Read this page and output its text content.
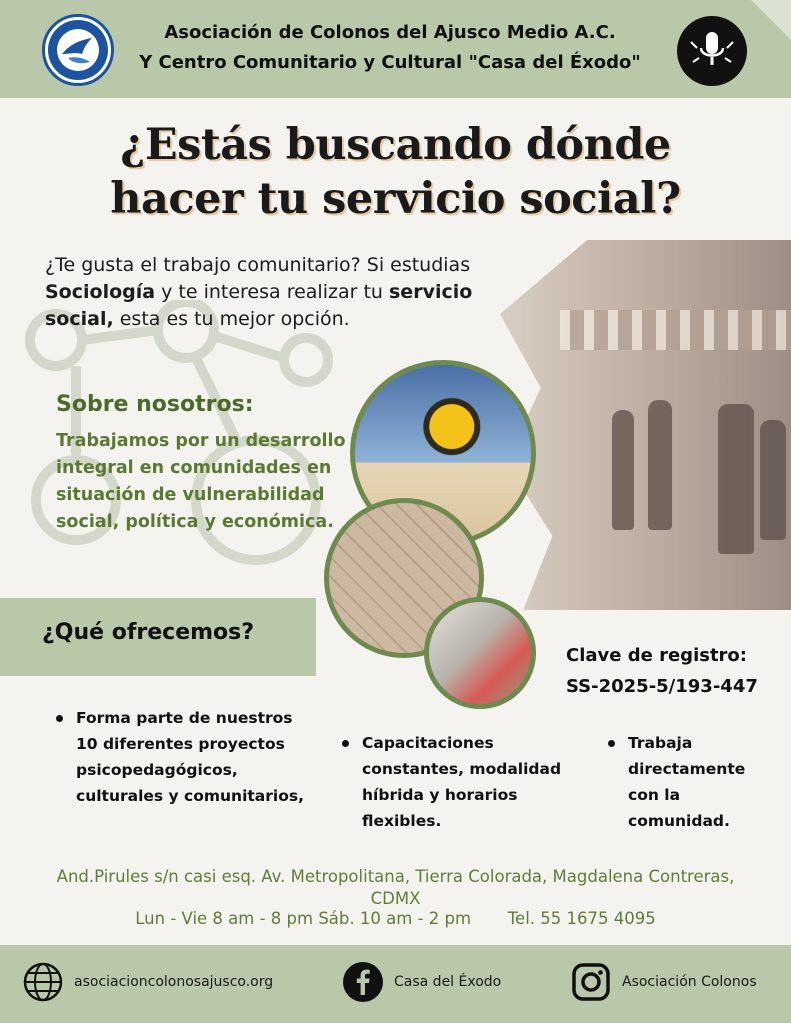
Asociación de Colonos del Ajusco Medio A.C.
Y Centro Comunitario y Cultural "Casa del Éxodo"
¿Estás buscando dónde
hacer tu servicio social?
¿Te gusta el trabajo comunitario? Si estudias Sociología y te interesa realizar tu servicio social, esta es tu mejor opción.
Sobre nosotros:
Trabajamos por un desarrollo integral en comunidades en situación de vulnerabilidad social, política y económica.
¿Qué ofrecemos?
Clave de registro:
SS-2025-5/193-447
Forma parte de nuestros 10 diferentes proyectos psicopedagógicos, culturales y comunitarios,
Capacitaciones constantes, modalidad híbrida y horarios flexibles.
Trabaja directamente con la comunidad.
And.Pirules s/n casi esq. Av. Metropolitana, Tierra Colorada, Magdalena Contreras, CDMX
Lun - Vie 8 am - 8 pm Sáb. 10 am - 2 pm Tel. 55 1675 4095
asociacioncolonosajusco.org	Casa del Éxodo	Asociación Colonos
